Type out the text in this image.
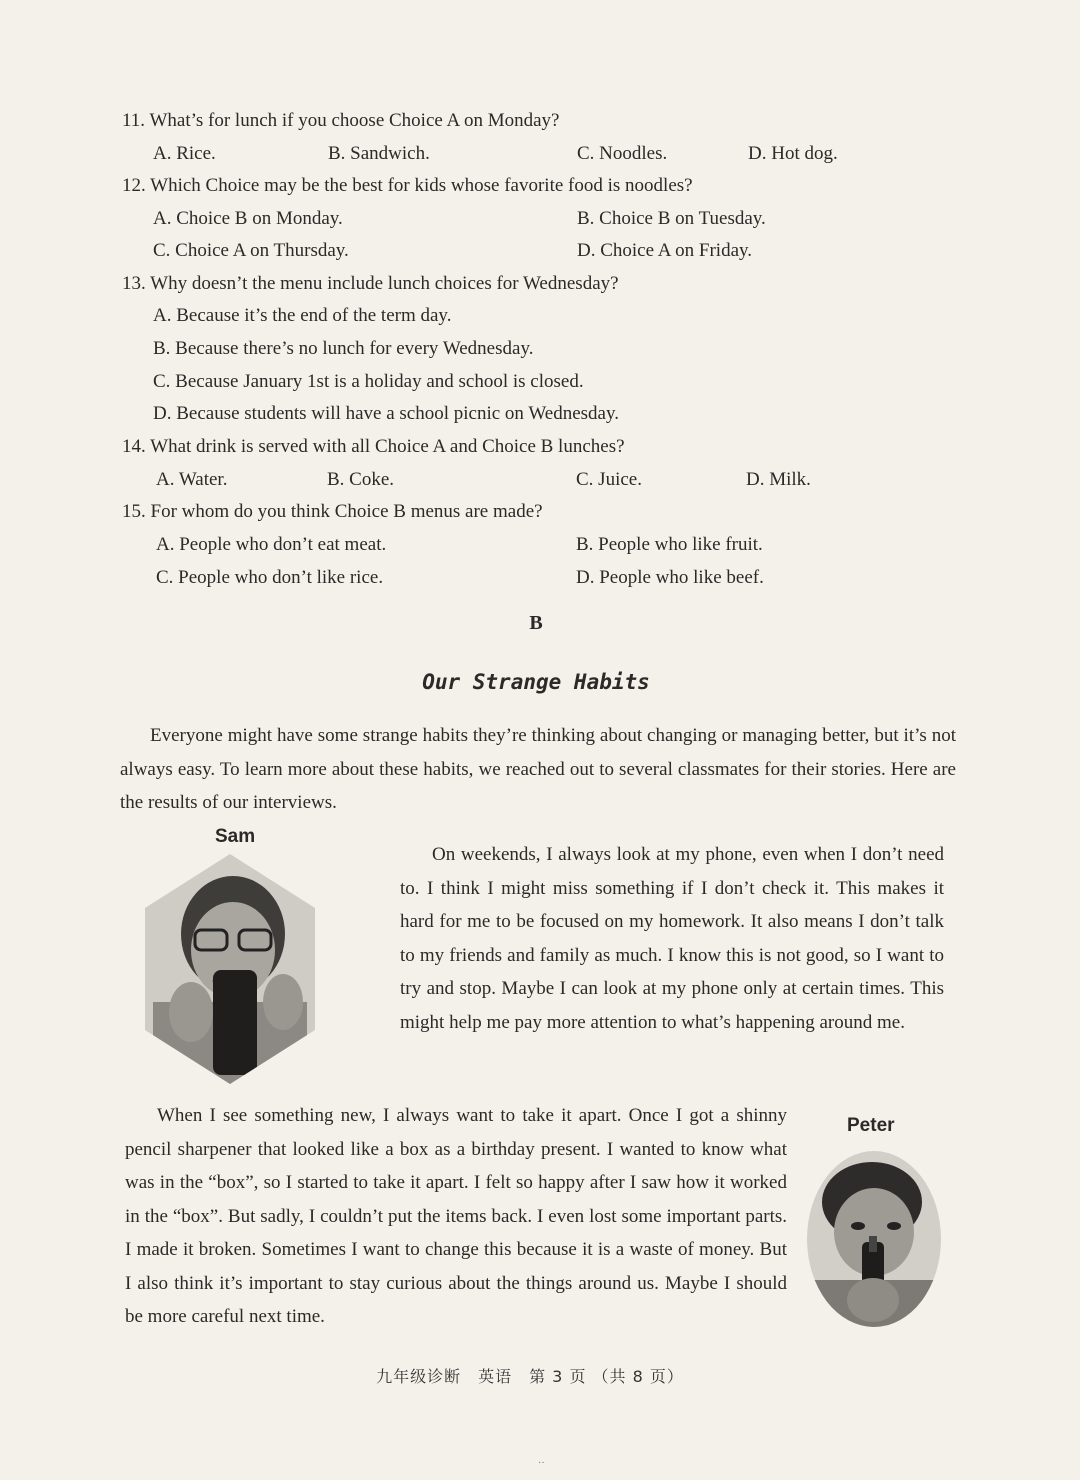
11. What’s for lunch if you choose Choice A on Monday?
A. Rice.	B. Sandwich.	C. Noodles.	D. Hot dog.
12. Which Choice may be the best for kids whose favorite food is noodles?
A. Choice B on Monday.	B. Choice B on Tuesday.
C. Choice A on Thursday.	D. Choice A on Friday.
13. Why doesn’t the menu include lunch choices for Wednesday?
A. Because it’s the end of the term day.
B. Because there’s no lunch for every Wednesday.
C. Because January 1st is a holiday and school is closed.
D. Because students will have a school picnic on Wednesday.
14. What drink is served with all Choice A and Choice B lunches?
A. Water.	B. Coke.	C. Juice.	D. Milk.
15. For whom do you think Choice B menus are made?
A. People who don’t eat meat.	B. People who like fruit.
C. People who don’t like rice.	D. People who like beef.
B
Our Strange Habits

Everyone might have some strange habits they’re thinking about changing or managing better, but it’s not always easy. To learn more about these habits, we reached out to several classmates for their stories. Here are the results of our interviews.

Sam

On weekends, I always look at my phone, even when I don’t need to. I think I might miss something if I don’t check it. This makes it hard for me to be focused on my homework. It also means I don’t talk to my friends and family as much. I know this is not good, so I want to try and stop. Maybe I can look at my phone only at certain times. This might help me pay more attention to what’s happening around me.

When I see something new, I always want to take it apart. Once I got a shinny pencil sharpener that looked like a box as a birthday present. I wanted to know what was in the “box”, so I started to take it apart. I felt so happy after I saw how it worked in the “box”. But sadly, I couldn’t put the items back. I even lost some important parts. I made it broken. Sometimes I want to change this because it is a waste of money. But I also think it’s important to stay curious about the things around us. Maybe I should be more careful next time.

Peter
九年级诊断　英语　第 3 页 （共 8 页）
··
